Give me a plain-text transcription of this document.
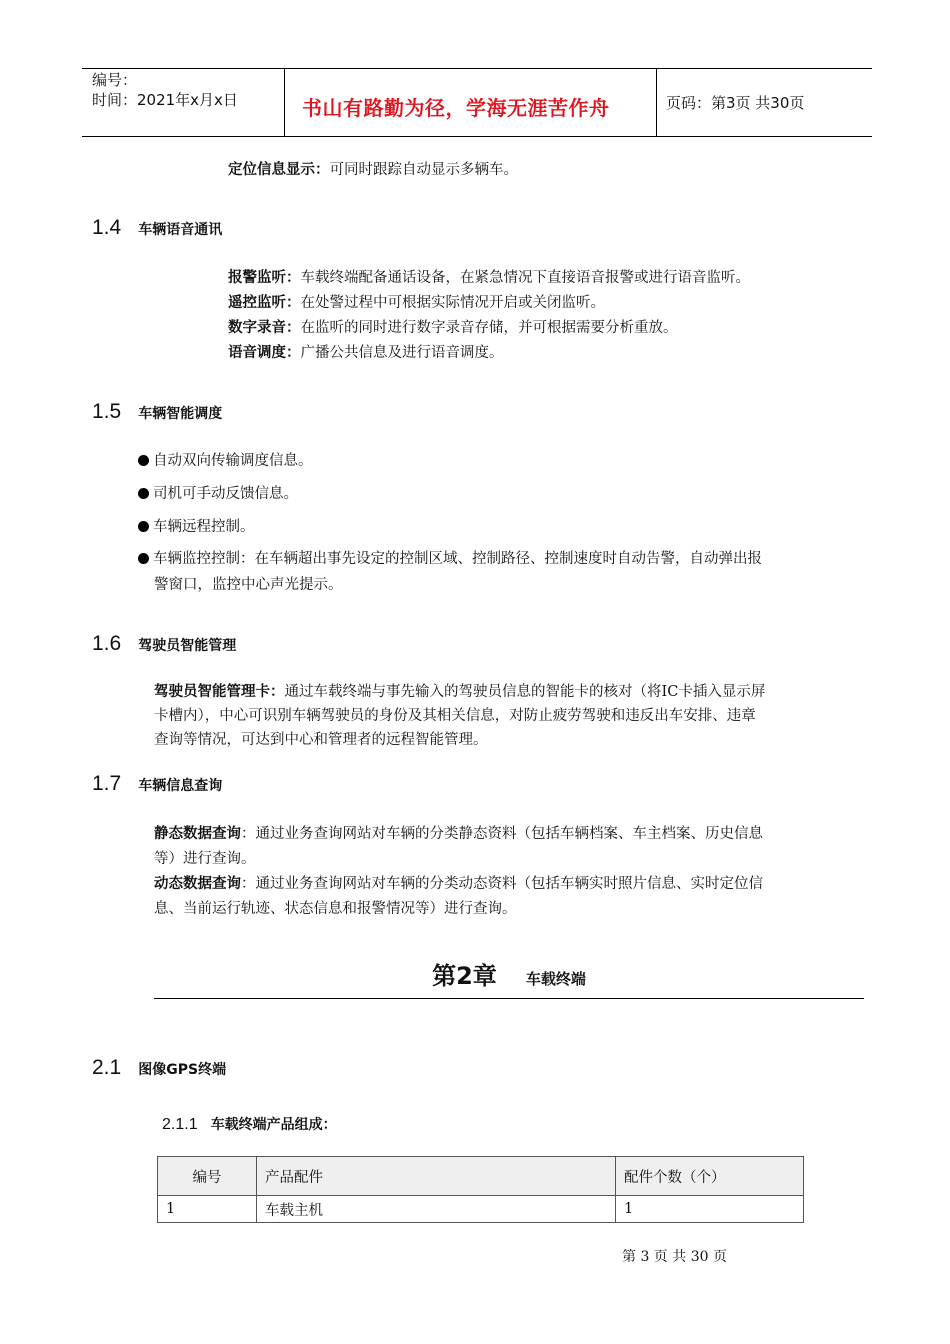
编号：
时间：2021年x月x日	书山有路勤为径，学海无涯苦作舟	页码：第3页 共30页
定位信息显示：可同时跟踪自动显示多辆车。
1.4 车辆语音通讯
报警监听：车载终端配备通话设备，在紧急情况下直接语音报警或进行语音监听。
遥控监听：在处警过程中可根据实际情况开启或关闭监听。
数字录音：在监听的同时进行数字录音存储，并可根据需要分析重放。
语音调度：广播公共信息及进行语音调度。
1.5 车辆智能调度
自动双向传输调度信息。
司机可手动反馈信息。
车辆远程控制。
车辆监控控制：在车辆超出事先设定的控制区域、控制路径、控制速度时自动告警，自动弹出报
警窗口，监控中心声光提示。
1.6 驾驶员智能管理
驾驶员智能管理卡：通过车载终端与事先输入的驾驶员信息的智能卡的核对（将IC卡插入显示屏
卡槽内），中心可识别车辆驾驶员的身份及其相关信息，对防止疲劳驾驶和违反出车安排、违章
查询等情况，可达到中心和管理者的远程智能管理。
1.7 车辆信息查询
静态数据查询：通过业务查询网站对车辆的分类静态资料（包括车辆档案、车主档案、历史信息
等）进行查询。
动态数据查询：通过业务查询网站对车辆的分类动态资料（包括车辆实时照片信息、实时定位信
息、当前运行轨迹、状态信息和报警情况等）进行查询。
第2章 车载终端
2.1 图像GPS终端
2.1.1 车载终端产品组成：
编号	产品配件	配件个数（个）
1	车载主机	1
第 3 页 共 30 页
